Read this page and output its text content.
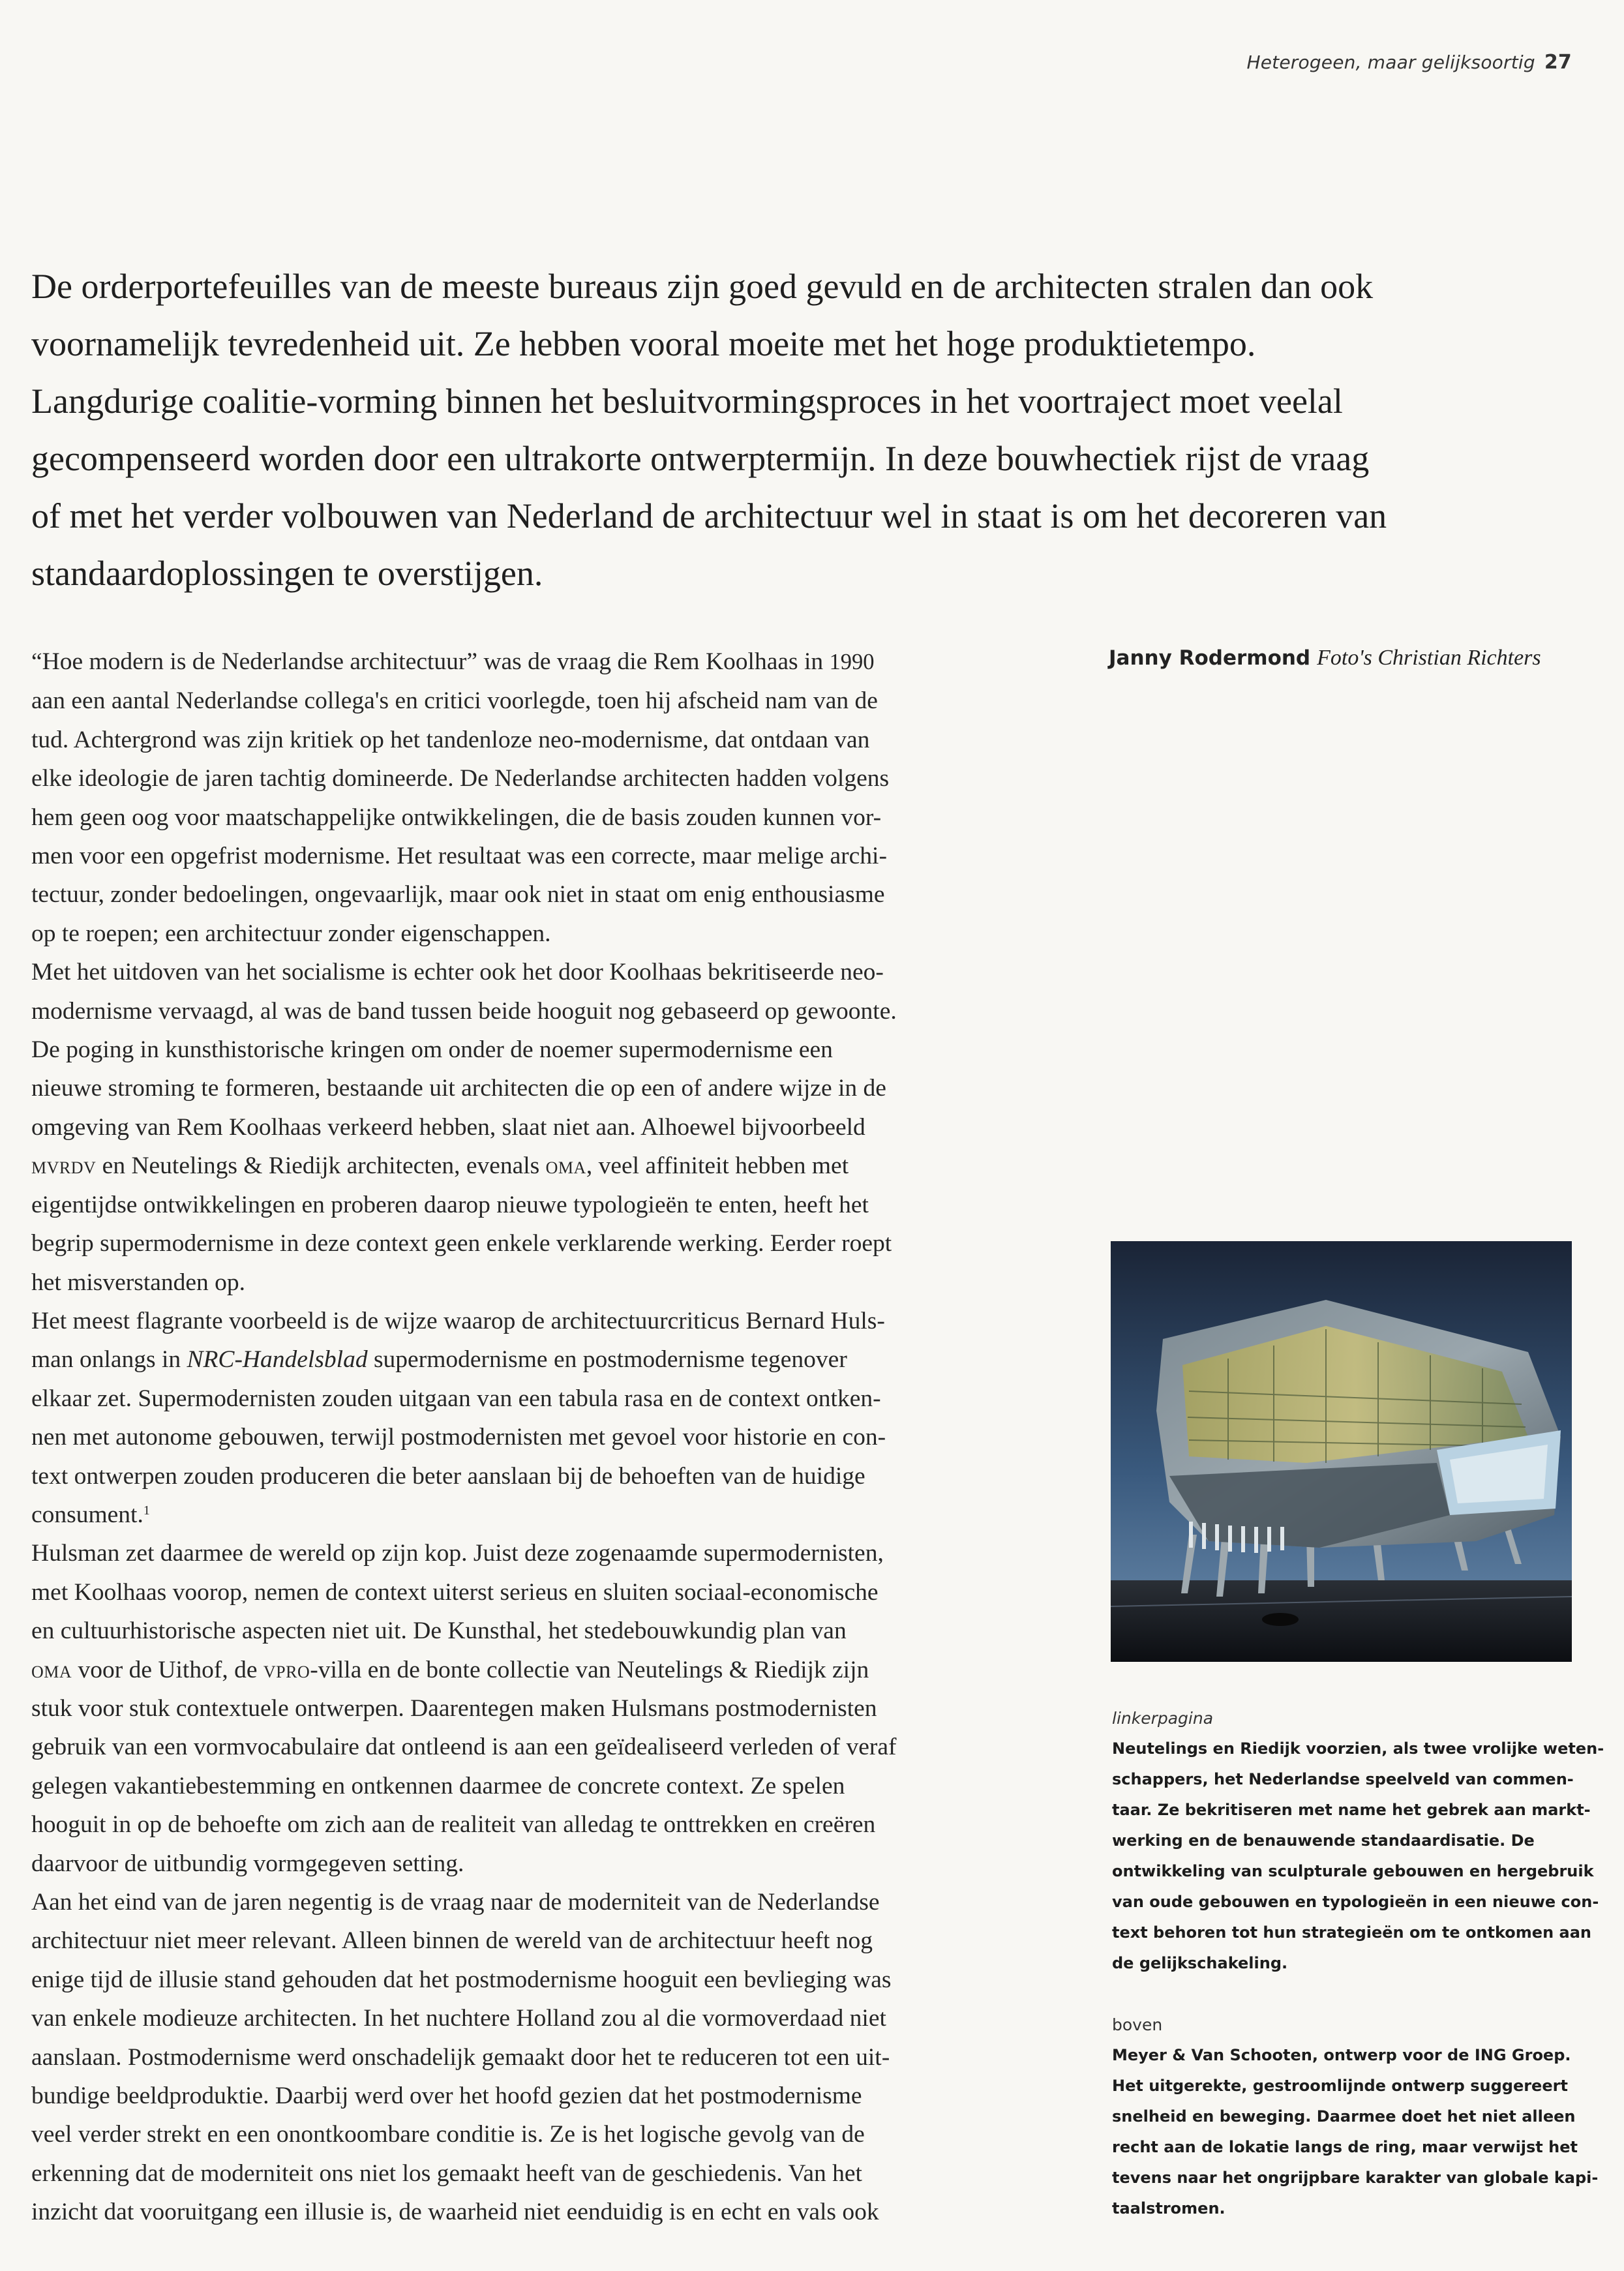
Heterogeen, maar gelijksoortig 27
De orderportefeuilles van de meeste bureaus zijn goed gevuld en de architecten stralen dan ook
voornamelijk tevredenheid uit. Ze hebben vooral moeite met het hoge produktietempo.
Langdurige coalitie-vorming binnen het besluitvormingsproces in het voortraject moet veelal
gecompenseerd worden door een ultrakorte ontwerptermijn. In deze bouwhectiek rijst de vraag
of met het verder volbouwen van Nederland de architectuur wel in staat is om het decoreren van
standaardoplossingen te overstijgen.
Janny Rodermond Foto's Christian Richters
“Hoe modern is de Nederlandse architectuur” was de vraag die Rem Koolhaas in 1990
aan een aantal Nederlandse collega's en critici voorlegde, toen hij afscheid nam van de
tud. Achtergrond was zijn kritiek op het tandenloze neo-modernisme, dat ontdaan van
elke ideologie de jaren tachtig domineerde. De Nederlandse architecten hadden volgens
hem geen oog voor maatschappelijke ontwikkelingen, die de basis zouden kunnen vor-
men voor een opgefrist modernisme. Het resultaat was een correcte, maar melige archi-
tectuur, zonder bedoelingen, ongevaarlijk, maar ook niet in staat om enig enthousiasme
op te roepen; een architectuur zonder eigenschappen.
Met het uitdoven van het socialisme is echter ook het door Koolhaas bekritiseerde neo-
modernisme vervaagd, al was de band tussen beide hooguit nog gebaseerd op gewoonte.
De poging in kunsthistorische kringen om onder de noemer supermodernisme een
nieuwe stroming te formeren, bestaande uit architecten die op een of andere wijze in de
omgeving van Rem Koolhaas verkeerd hebben, slaat niet aan. Alhoewel bijvoorbeeld
mvrdv en Neutelings & Riedijk architecten, evenals oma, veel affiniteit hebben met
eigentijdse ontwikkelingen en proberen daarop nieuwe typologieën te enten, heeft het
begrip supermodernisme in deze context geen enkele verklarende werking. Eerder roept
het misverstanden op.
Het meest flagrante voorbeeld is de wijze waarop de architectuurcriticus Bernard Huls-
man onlangs in NRC-Handelsblad supermodernisme en postmodernisme tegenover
elkaar zet. Supermodernisten zouden uitgaan van een tabula rasa en de context ontken-
nen met autonome gebouwen, terwijl postmodernisten met gevoel voor historie en con-
text ontwerpen zouden produceren die beter aanslaan bij de behoeften van de huidige
consument.$^1$
Hulsman zet daarmee de wereld op zijn kop. Juist deze zogenaamde supermodernisten,
met Koolhaas voorop, nemen de context uiterst serieus en sluiten sociaal-economische
en cultuurhistorische aspecten niet uit. De Kunsthal, het stedebouwkundig plan van
oma voor de Uithof, de vpro-villa en de bonte collectie van Neutelings & Riedijk zijn
stuk voor stuk contextuele ontwerpen. Daarentegen maken Hulsmans postmodernisten
gebruik van een vormvocabulaire dat ontleend is aan een geïdealiseerd verleden of veraf
gelegen vakantiebestemming en ontkennen daarmee de concrete context. Ze spelen
hooguit in op de behoefte om zich aan de realiteit van alledag te onttrekken en creëren
daarvoor de uitbundig vormgegeven setting.
Aan het eind van de jaren negentig is de vraag naar de moderniteit van de Nederlandse
architectuur niet meer relevant. Alleen binnen de wereld van de architectuur heeft nog
enige tijd de illusie stand gehouden dat het postmodernisme hooguit een bevlieging was
van enkele modieuze architecten. In het nuchtere Holland zou al die vormoverdaad niet
aanslaan. Postmodernisme werd onschadelijk gemaakt door het te reduceren tot een uit-
bundige beeldproduktie. Daarbij werd over het hoofd gezien dat het postmodernisme
veel verder strekt en een onontkoombare conditie is. Ze is het logische gevolg van de
erkenning dat de moderniteit ons niet los gemaakt heeft van de geschiedenis. Van het
inzicht dat vooruitgang een illusie is, de waarheid niet eenduidig is en echt en vals ook
linkerpagina
Neutelings en Riedijk voorzien, als twee vrolijke weten-
schappers, het Nederlandse speelveld van commen-
taar. Ze bekritiseren met name het gebrek aan markt-
werking en de benauwende standaardisatie. De
ontwikkeling van sculpturale gebouwen en hergebruik
van oude gebouwen en typologieën in een nieuwe con-
text behoren tot hun strategieën om te ontkomen aan
de gelijkschakeling.
boven
Meyer & Van Schooten, ontwerp voor de ING Groep.
Het uitgerekte, gestroomlijnde ontwerp suggereert
snelheid en beweging. Daarmee doet het niet alleen
recht aan de lokatie langs de ring, maar verwijst het
tevens naar het ongrijpbare karakter van globale kapi-
taalstromen.
